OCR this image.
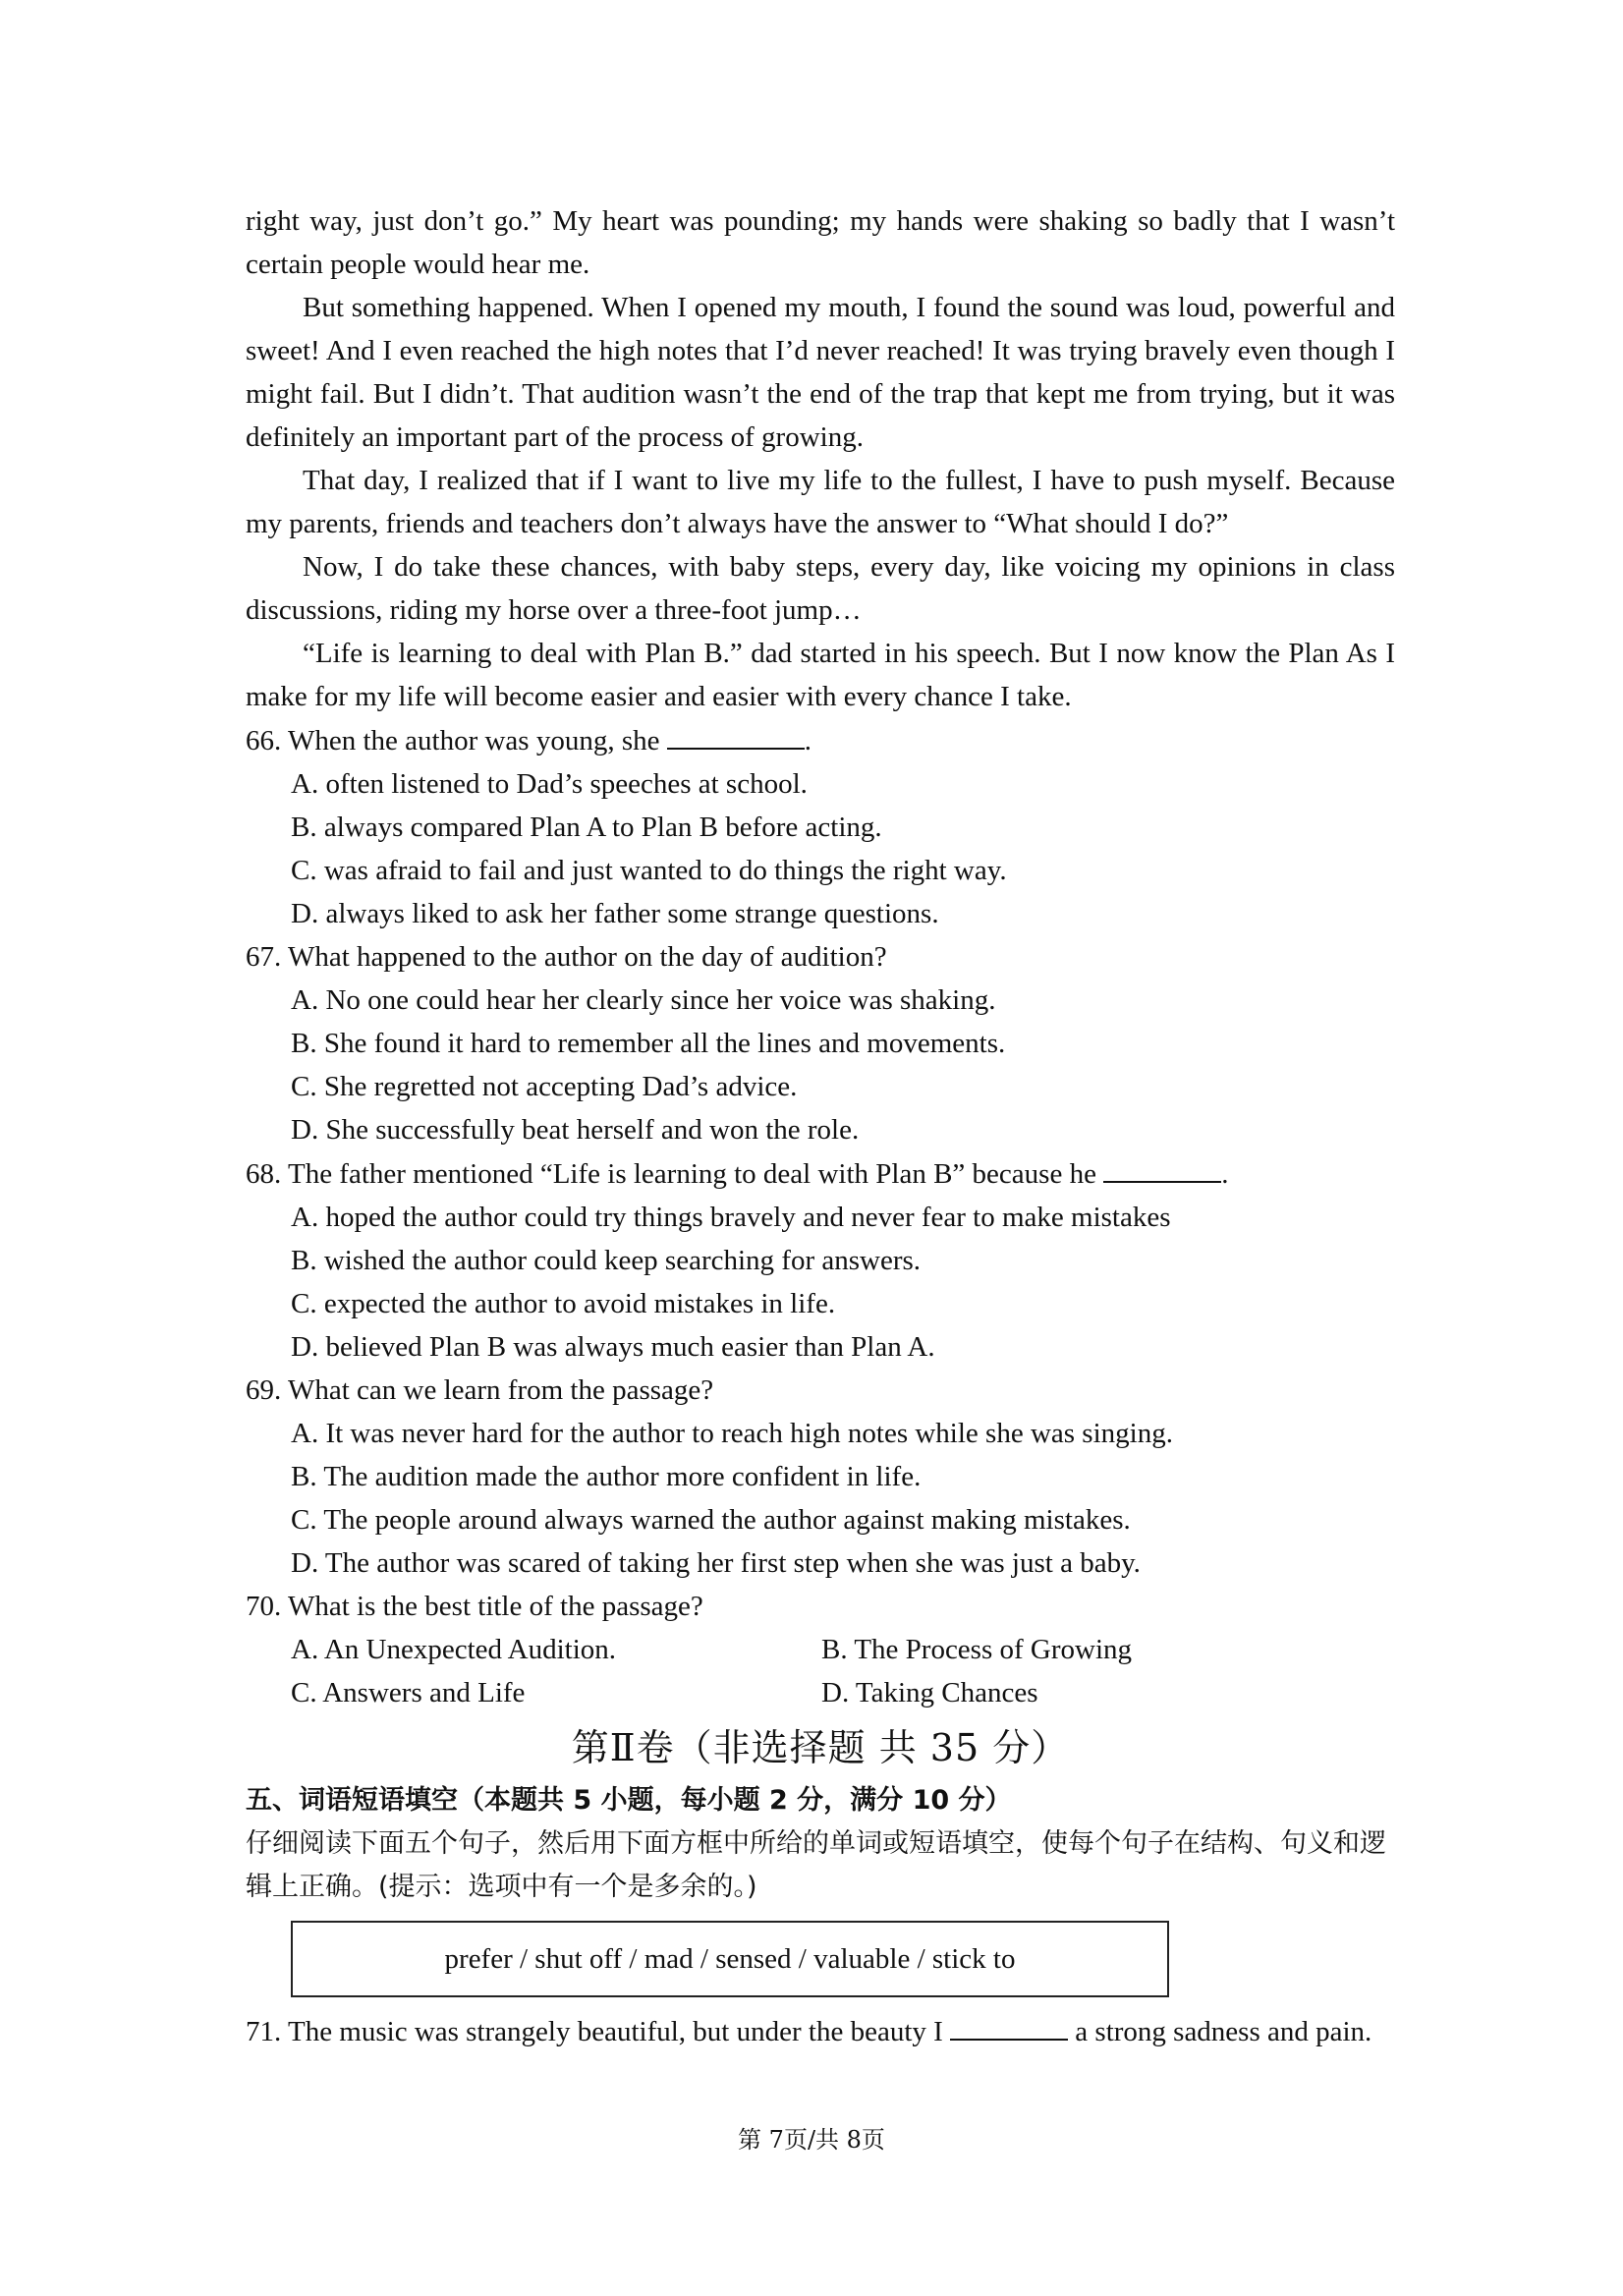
right way, just don’t go.” My heart was pounding; my hands were shaking so badly that I wasn’t certain people would hear me.

But something happened. When I opened my mouth, I found the sound was loud, powerful and sweet! And I even reached the high notes that I’d never reached! It was trying bravely even though I might fail. But I didn’t. That audition wasn’t the end of the trap that kept me from trying, but it was definitely an important part of the process of growing.

That day, I realized that if I want to live my life to the fullest, I have to push myself. Because my parents, friends and teachers don’t always have the answer to “What should I do?”

Now, I do take these chances, with baby steps, every day, like voicing my opinions in class discussions, riding my horse over a three-foot jump…

“Life is learning to deal with Plan B.” dad started in his speech. But I now know the Plan As I make for my life will become easier and easier with every chance I take.

66. When the author was young, she	.

A. often listened to Dad’s speeches at school.

B. always compared Plan A to Plan B before acting.

C. was afraid to fail and just wanted to do things the right way.

D. always liked to ask her father some strange questions.

67. What happened to the author on the day of audition?

A. No one could hear her clearly since her voice was shaking.

B. She found it hard to remember all the lines and movements.

C. She regretted not accepting Dad’s advice.

D. She successfully beat herself and won the role.

68. The father mentioned “Life is learning to deal with Plan B” because he	.

A. hoped the author could try things bravely and never fear to make mistakes

B. wished the author could keep searching for answers.

C. expected the author to avoid mistakes in life.

D. believed Plan B was always much easier than Plan A.

69. What can we learn from the passage?

A. It was never hard for the author to reach high notes while she was singing.

B. The audition made the author more confident in life.

C. The people around always warned the author against making mistakes.

D. The author was scared of taking her first step when she was just a baby.

70. What is the best title of the passage?

A. An Unexpected Audition.	B. The Process of Growing
C. Answers and Life	D. Taking Chances
第Ⅱ卷（非选择题 共 35 分）
五、词语短语填空（本题共 5 小题，每小题 2 分，满分 10 分）

仔细阅读下面五个句子，然后用下面方框中所给的单词或短语填空，使每个句子在结构、句义和逻辑上正确。(提示：选项中有一个是多余的。)

prefer / shut off / mad / sensed / valuable / stick to

71. The music was strangely beautiful, but under the beauty I	a strong sadness and pain.

第 7页/共 8页
